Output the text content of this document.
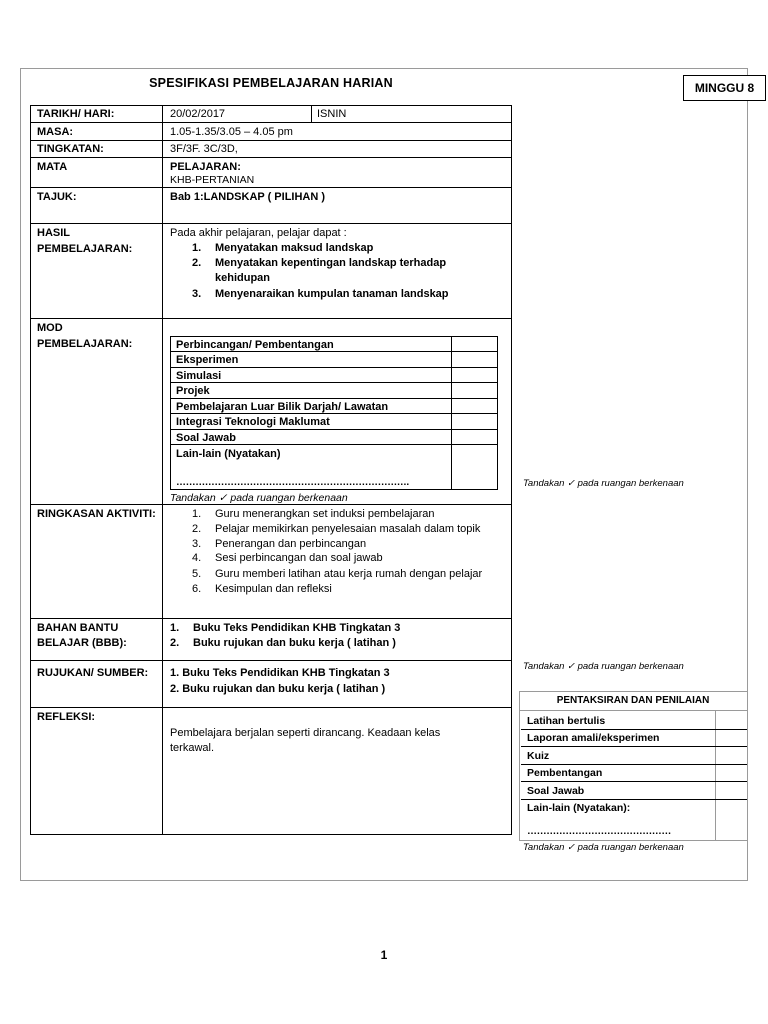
SPESIFIKASI PEMBELAJARAN HARIAN	MINGGU 8
TARIKH/ HARI:	20/02/2017	ISNIN
MASA:	1.05-1.35/3.05 – 4.05 pm
TINGKATAN:	3F/3F. 3C/3D,
MATA	PELAJARAN:
KHB-PERTANIAN
TAJUK:	Bab 1:LANDSKAP ( PILIHAN )
HASIL
PEMBELAJARAN:
Pada akhir pelajaran, pelajar dapat :
1. Menyatakan maksud landskap
2. Menyatakan kepentingan landskap terhadap
kehidupan
3. Menyenaraikan kumpulan tanaman landskap
MOD
PEMBELAJARAN:	Perbincangan/ Pembentangan
Eksperimen
Simulasi
Projek
Pembelajaran Luar Bilik Darjah/ Lawatan
Integrasi Teknologi Maklumat
Soal Jawab
Lain-lain (Nyatakan)
……………………………………………………………….
Tandakan ✓ pada ruangan berkenaan
RINGKASAN AKTIVITI:	1. Guru menerangkan set induksi pembelajaran
2. Pelajar memikirkan penyelesaian masalah dalam topik
3. Penerangan dan perbincangan
4. Sesi perbincangan dan soal jawab
5. Guru memberi latihan atau kerja rumah dengan pelajar
6. Kesimpulan dan refleksi
BAHAN BANTU
BELAJAR (BBB):
1. Buku Teks Pendidikan KHB Tingkatan 3
2. Buku rujukan dan buku kerja ( latihan )
RUJUKAN/ SUMBER: 1. Buku Teks Pendidikan KHB Tingkatan 3
2. Buku rujukan dan buku kerja ( latihan )
REFLEKSI:
Pembelajara berjalan seperti dirancang. Keadaan kelas
terkawal.
Tandakan ✓ pada ruangan berkenaan
Tandakan ✓ pada ruangan berkenaan
PENTAKSIRAN DAN PENILAIAN
Latihan bertulis
Laporan amali/eksperimen
Kuiz
Pembentangan
Soal Jawab
Lain-lain (Nyatakan):
………………………………………
Tandakan ✓ pada ruangan berkenaan
1
